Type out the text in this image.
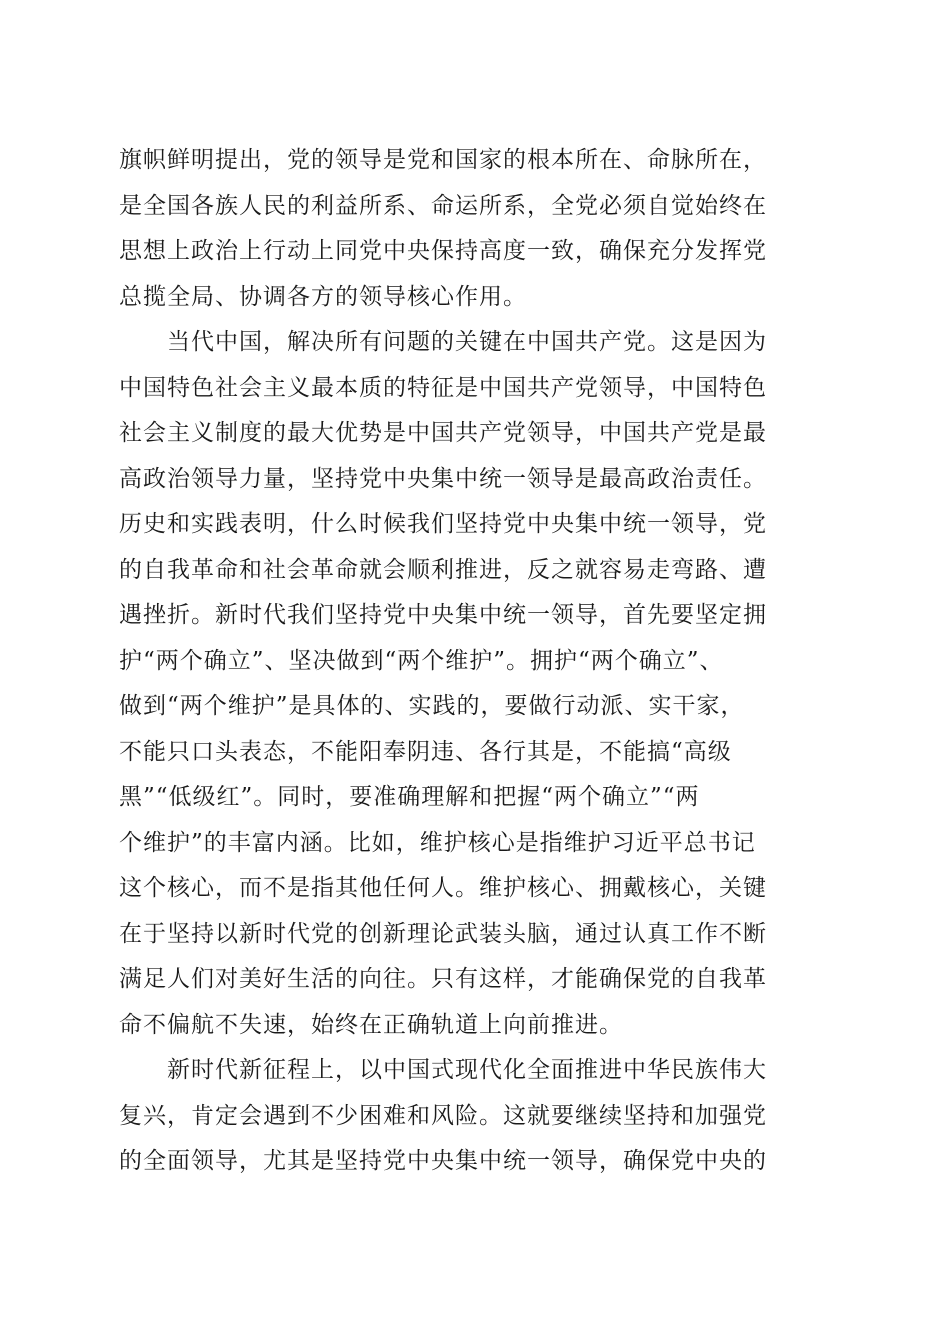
旗帜鲜明提出，党的领导是党和国家的根本所在、命脉所在，
是全国各族人民的利益所系、命运所系，全党必须自觉始终在
思想上政治上行动上同党中央保持高度一致，确保充分发挥党
总揽全局、协调各方的领导核心作用。
当代中国，解决所有问题的关键在中国共产党。这是因为
中国特色社会主义最本质的特征是中国共产党领导，中国特色
社会主义制度的最大优势是中国共产党领导，中国共产党是最
高政治领导力量，坚持党中央集中统一领导是最高政治责任。
历史和实践表明，什么时候我们坚持党中央集中统一领导，党
的自我革命和社会革命就会顺利推进，反之就容易走弯路、遭
遇挫折。新时代我们坚持党中央集中统一领导，首先要坚定拥
护“两个确立”、坚决做到“两个维护”。拥护“两个确立”、
做到“两个维护”是具体的、实践的，要做行动派、实干家，
不能只口头表态，不能阳奉阴违、各行其是，不能搞“高级
黑”“低级红”。同时，要准确理解和把握“两个确立”“两
个维护”的丰富内涵。比如，维护核心是指维护习近平总书记
这个核心，而不是指其他任何人。维护核心、拥戴核心，关键
在于坚持以新时代党的创新理论武装头脑，通过认真工作不断
满足人们对美好生活的向往。只有这样，才能确保党的自我革
命不偏航不失速，始终在正确轨道上向前推进。
新时代新征程上，以中国式现代化全面推进中华民族伟大
复兴，肯定会遇到不少困难和风险。这就要继续坚持和加强党
的全面领导，尤其是坚持党中央集中统一领导，确保党中央的
